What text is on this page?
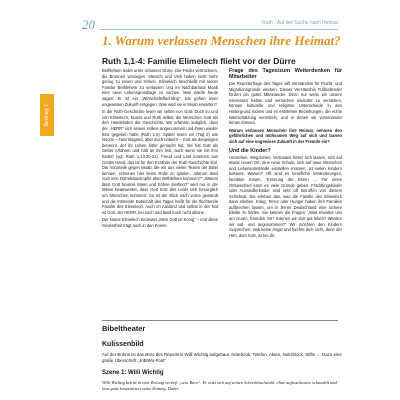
20	Ruth · Auf der Suche nach Heimat
1. Warum verlassen Menschen ihre Heimat?
Beitrag 1
Ruth 1,1-4: Familie Elimelech flieht vor der Dürre

Bethlehem leidet unter schwerer Dürre. Die Felder vertrocknen, die Brunnen versiegen. Mensch und Vieh haben nicht mehr genug zu essen und trinken. Elimelech beschließt mit seiner Familie Bethlehem zu verlassen und im Nachbarland Moab eine neue Lebensgrundlage zu suchen. Man würde heute sagen: Er ist ein „Wirtschaftsflüchtling“. Sie gehen einer ungewissen Zukunft entgegen. Was wird sie in Moab erwarten?

In der Ruth-Geschichte lesen wir selten von Gott. Doch zu und von Elimelech, Noomi und Ruth selbst, die Menschen Gott als den Handelnden der Geschichte. Wir erfahren lediglich, dass der „HERR“ sich seines Volkes angenommen und ihnen wieder Brot gegeben habe (Ruth 1,6). Später lesen wir (Tag 2) wie Noomi – zwar klagend, aber doch unbeirrt – Gott als denjenigen benennt, der ihr Leben bitter gemacht hat. Sie hat Gott als Geber erfahren und hält an ihm fest, auch wenn sie mit ihm hadert (vgl. Ruth 1,13.20-21). Freud und Leid kommen aus Gottes Hand, das ist für den Erzähler der Ruth-Geschichte klar. Die Vorurteile gegen Moab, die wir aus vielen Texten der Bibel kennen, scheinen hier keine Rolle zu spielen. „Warum lässt Gott eine Dürrekatastrophe über Bethlehem kommen?“ „Warum lässt Gott Noomis Mann und Söhne sterben?“ wird nur in der Weise beantwortet, dass Gott trotz des Leids sich fürsorglich um Menschen kümmert. So ist der Blick nach vorne gewandt und die tröstende Botschaft des Tages heißt für die flüchtende Familie des Elimelech: Auch im Ausland und selbst in der Not ist Gott, der HERR, bei euch und lässt euch nicht alleine.

Der Name Elimelech bedeutet „Mein Gott ist König“ – und diese Gewissheit trägt auch in den Krisen.

Frage des Tages/zum Weiterdenken für Mitarbeiter

Die Reporterfrage des Tages will Verständnis für Flucht- und Migrationsgründe wecken. Dieses Verständnis Fußballender fördert ein gutes Miteinander. Denn nur wenn wir unsere Interessen haben und versuchen einander zu verstehen, können kulturelle und religiöse Unterschiede in den Hintergrund rücken und es entstehen Beziehungen, die echte Wertschätzung vermitteln, und in denen wir voneinander lernen können.

Warum verlassen Menschen ihre Heimat, nehmen den gefährlichen und mühsamen Weg auf sich und lassen sich auf eine ungewisse Zukunft in der Fremde ein?

Und die Kinder?

Umziehen, Wegziehen, Vertrautes hinter sich lassen, sich auf etwas neuen Ort, eine neue Schule, sich auf neue Menschen und Lebensumstände einstellen müssen, ist vielen Kindern bekannt. Warum? Oft sind es berufliche Veränderungen, familiäre Krisen, Trennung der Eltern … Für einen Ortswechsel kann es viele Gründe geben. Flüchtlingskinder oder Aussiedlerkinder sind sehr oft betroffen von diesem Schicksal. Sie erleben das, was die Familie des Elimelech dann erleben. Krieg, Terror oder Hunger haben ihre Familien aufbrechen lassen, um in ferner Deutschland eine sichere Bleibe zu finden. Sie kennen die Fragen: „Was erwartet uns am neuen, fremden Ort? Können wir dort gut leben? Werden wir auf- und angenommen?“ Wir möchten den Kindern zusprechen: Hab keine Angst und fürchte dich nicht, denn der Herr, dein Gott, ist bei dir.

Bibeltheater
Kulissenbild
Auf der Bühne ist das Büro des Reporters Willi Wichtig aufgebaut. Notebook, Telefon, Akten, Notizblock, Stifte … Dazu eine große Überschrift: „KiBiWo-Post“
Szene 1: Willi Wichtig
Willi Wichtig betritt in eine Zeitung vertieft „sein Büro“. Er setzt sich auf seinen Schreibtischstuhl, ohne aufzuschauen, schaudelt und liest ganz konzentriert seine Zeitung. Dabei
